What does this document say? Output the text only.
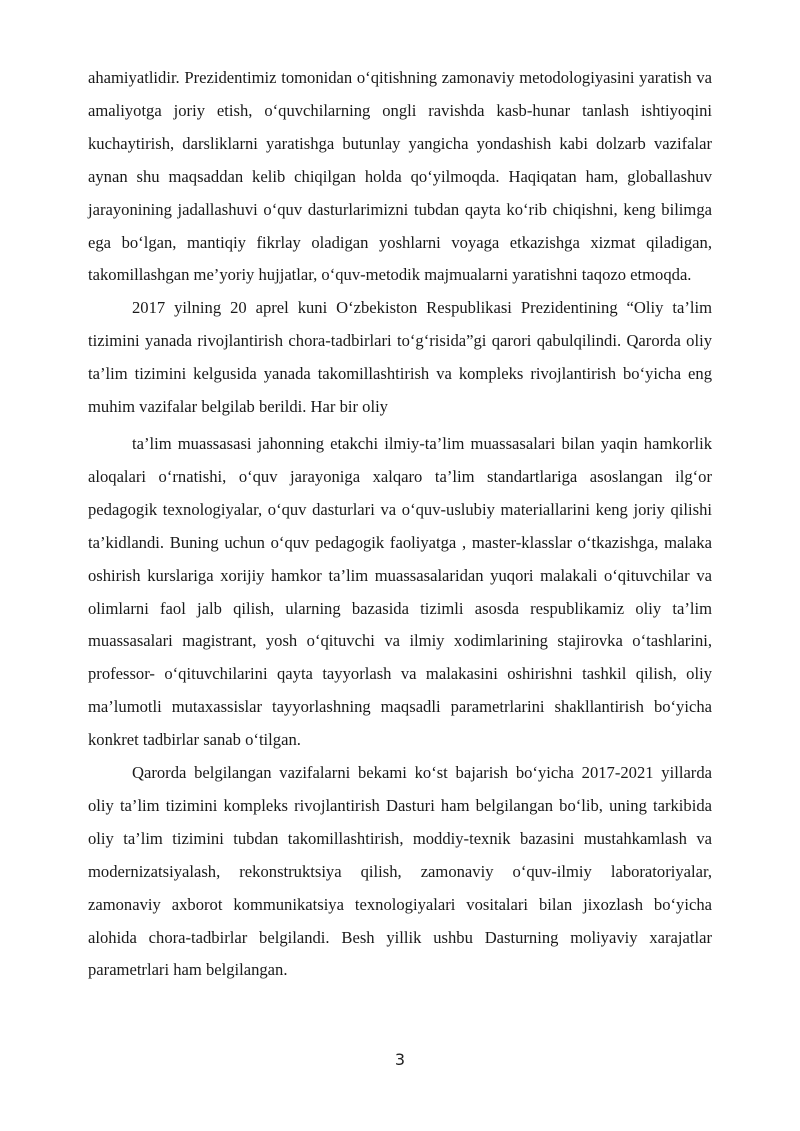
ahamiyatlidir. Prezidentimiz tomonidan o‘qitishning zamonaviy metodologiyasini yaratish va amaliyotga joriy etish, o‘quvchilarning ongli ravishda kasb-hunar tanlash ishtiyoqini kuchaytirish, darsliklarni yaratishga butunlay yangicha yondashish kabi dolzarb vazifalar aynan shu maqsaddan kelib chiqilgan holda qo‘yilmoqda. Haqiqatan ham, globallashuv jarayonining jadallashuvi o‘quv dasturlarimizni tubdan qayta ko‘rib chiqishni, keng bilimga ega bo‘lgan, mantiqiy fikrlay oladigan yoshlarni voyaga etkazishga xizmat qiladigan, takomillashgan me’yoriy hujjatlar, o‘quv-metodik majmualarni yaratishni taqozo etmoqda.

2017 yilning 20 aprel kuni O‘zbekiston Respublikasi Prezidentining “Oliy ta’lim tizimini yanada rivojlantirish chora-tadbirlari to‘g‘risida”gi qarori qabulqilindi. Qarorda oliy ta’lim tizimini kelgusida yanada takomillashtirish va kompleks rivojlantirish bo‘yicha eng muhim vazifalar belgilab berildi. Har bir oliy

ta’lim muassasasi jahonning etakchi ilmiy-ta’lim muassasalari bilan yaqin hamkorlik aloqalari o‘rnatishi, o‘quv jarayoniga xalqaro ta’lim standartlariga asoslangan ilg‘or pedagogik texnologiyalar, o‘quv dasturlari va o‘quv-uslubiy materiallarini keng joriy qilishi ta’kidlandi. Buning uchun o‘quv pedagogik faoliyatga , master-klasslar o‘tkazishga, malaka oshirish kurslariga xorijiy hamkor ta’lim muassasalaridan yuqori malakali o‘qituvchilar va olimlarni faol jalb qilish, ularning bazasida tizimli asosda respublikamiz oliy ta’lim muassasalari magistrant, yosh o‘qituvchi va ilmiy xodimlarining stajirovka o‘tashlarini, professor- o‘qituvchilarini qayta tayyorlash va malakasini oshirishni tashkil qilish, oliy ma’lumotli mutaxassislar tayyorlashning maqsadli parametrlarini shakllantirish bo‘yicha konkret tadbirlar sanab o‘tilgan.

Qarorda belgilangan vazifalarni bekami ko‘st bajarish bo‘yicha 2017-2021 yillarda oliy ta’lim tizimini kompleks rivojlantirish Dasturi ham belgilangan bo‘lib, uning tarkibida oliy ta’lim tizimini tubdan takomillashtirish, moddiy-texnik bazasini mustahkamlash va modernizatsiyalash, rekonstruktsiya qilish, zamonaviy o‘quv-ilmiy laboratoriyalar, zamonaviy axborot kommunikatsiya texnologiyalari vositalari bilan jixozlash bo‘yicha alohida chora-tadbirlar belgilandi. Besh yillik ushbu Dasturning moliyaviy xarajatlar parametrlari ham belgilangan.

3
